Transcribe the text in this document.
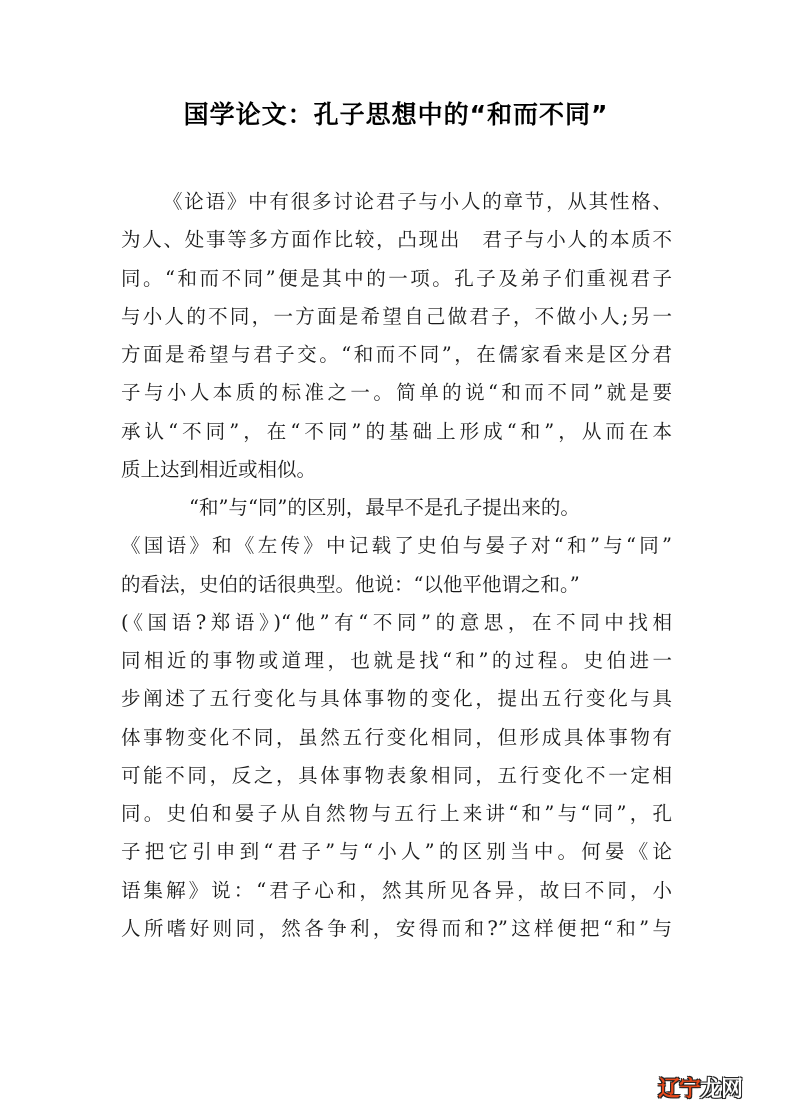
国学论文：孔子思想中的“和而不同”
《论语》中有很多讨论君子与小人的章节，从其性格、
为人、处事等多方面作比较，凸现出　君子与小人的本质不
同。“和而不同”便是其中的一项。孔子及弟子们重视君子
与小人的不同，一方面是希望自己做君子，不做小人;另一
方面是希望与君子交。“和而不同”，在儒家看来是区分君
子与小人本质的标准之一。简单的说“和而不同”就是要
承认“不同”，在“不同”的基础上形成“和”，从而在本
质上达到相近或相似。
“和”与“同”的区别，最早不是孔子提出来的。
《国语》和《左传》中记载了史伯与晏子对“和”与“同”
的看法，史伯的话很典型。他说：“以他平他谓之和。”
(《国语?郑语》)“他”有“不同”的意思，在不同中找相
同相近的事物或道理，也就是找“和”的过程。史伯进一
步阐述了五行变化与具体事物的变化，提出五行变化与具
体事物变化不同，虽然五行变化相同，但形成具体事物有
可能不同，反之，具体事物表象相同，五行变化不一定相
同。史伯和晏子从自然物与五行上来讲“和”与“同”，孔
子把它引申到“君子”与“小人”的区别当中。何晏《论
语集解》说：“君子心和，然其所见各异，故曰不同，小
人所嗜好则同，然各争利，安得而和?”这样便把“和”与
辽宁龙网
